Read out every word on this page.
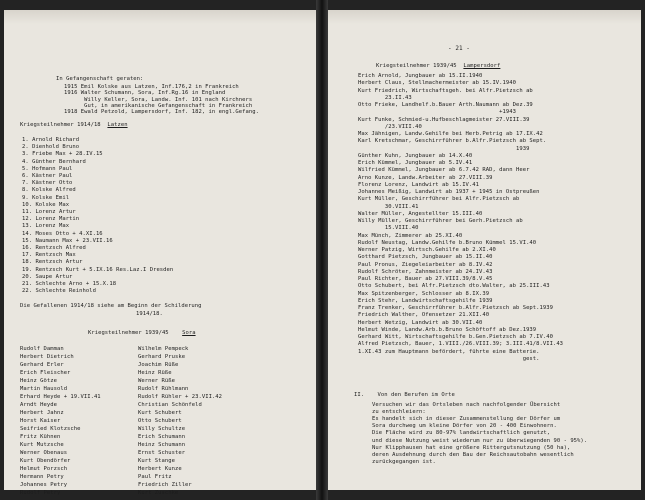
In Gefangenschaft geraten:
1915 Emil Kolske aus Latzen, Inf.176,2 in Frankreich
1916 Walter Schumann, Sora, Inf.Rg.16 in England
Willy Keller, Sora, Landw. Inf. 101 nach Kirchners
Gut, in amerikanische Gefangenschaft in Frankreich
1918 Ewald Petzold, Lampersdorf, Inf. 182, in engl.Gefang.
Kriegsteilnehmer 1914/18 Latzen
1. Arnold Richard
2. Dienhold Bruno
3. Friebe Max + 28.IV.15
4. Günther Bernhard
5. Hofmann Paul
6. Kästner Paul
7. Kästner Otto
8. Kolske Alfred
9. Kolske Emil
10. Kolske Max
11. Lorenz Artur
12. Lorenz Martin
13. Lorenz Max
14. Moses Otto + 4.XI.16
15. Naumann Max + 23.VII.16
16. Rentzsch Alfred
17. Rentzsch Max
18. Rentzsch Artur
19. Rentzsch Kurt + 5.IX.16 Res.Laz.I Dresden
20. Saupe Artur
21. Schlechte Arno + 15.X.18
22. Schlechte Reinhold
Die Gefallenen 1914/18 siehe am Beginn der Schilderung
1914/18.
Kriegsteilnehmer 1939/45 Sora
Rudolf Damman	Wilhelm Pempeck
Herbert Dietrich	Gerhard Pruske
Gerhard Erler	Joachim Rüße
Erich Fleischer	Heinz Rüße
Heinz Götze	Werner Rüße
Martin Hausold	Rudolf Rühlmann
Erhard Heyde + 19.VII.41	Rudolf Rühler + 23.VII.42
Arndt Heyde	Christian Schönfeld
Herbert Jahnz	Kurt Schubert
Horst Kaiser	Otto Schubert
Seifried Klotzsche	Willy Schultze
Fritz Kühnen	Erich Schumann
Kurt Mutzsche	Heinz Schumann
Werner Obenaus	Ernst Schuster
Kurt Obendörfer	Kurt Stange
Helmut Porzsch	Herbert Kunze
Hermann Petry	Paul Fritz
Johannes Petry	Friedrich Ziller
Rudolf Petry	Kurt Zuschke
- 21 -
Kriegsteilnehmer 1939/45 Lampersdorf
Erich Arnold, Jungbauer ab 15.II.1940
Herbert Claus, Stellmachermeister ab 15.IV.1940
Kurt Friedrich, Wirtschaftsgeh. bei Alfr.Pietzsch ab
23.II.43
Otto Frieke, Landhelf.b.Bauer Arth.Naumann ab Dez.39
+1943
Kurt Funke, Schmied-u.Hufbeschlagmeister 27.VIII.39
/23.VIII.40
Max Jähnigen, Landw.Gehilfe bei Herb.Petrig ab 17.IX.42
Karl Kretschmar, Geschirrführer b.Alfr.Pietzsch ab Sept.
1939
Günther Kuhn, Jungbauer ab 14.X.40
Erich Kümmel, Jungbauer ab 5.IV.41
Wilfried Kümmel, Jungbauer ab 6.7.42 RAD, dann Heer
Arno Kunze, Landw.Arbeiter ab 27.VIII.39
Florenz Lorenz, Landwirt ab 15.IV.41
Johannes Meißig, Landwirt ab 1937 + 1945 in Ostpreußen
Kurt Müller, Geschirrführer bei Alfr.Pietzsch ab
30.VIII.41
Walter Müller, Angestellter 15.III.40
Willy Müller, Geschirrführer bei Gerh.Pietzsch ab
15.VIII.40
Max Münch, Zimmerer ab 25.XI.40
Rudolf Neustag, Landw.Gehilfe b.Bruno Kümmel 15.VI.40
Werner Patzig, Wirtsch.Gehilfe ab 2.XI.40
Gotthard Pietzsch, Jungbauer ab 15.II.40
Paul Pronus, Ziegeleiarbeiter ab 8.IV.42
Rudolf Schröter, Zahnmeister ab 24.IV.43
Paul Richter, Bauer ab 27.VIII.39/8.V.45
Otto Schubert, bei Alfr.Pietzsch dto.Walter, ab 25.III.43
Max Spitzenberger, Schlosser ab 8.IX.39
Erich Stehr, Landwirtschaftsgehilfe 1939
Franz Trenker, Geschirrführer b.Alfr.Pietzsch ab Sept.1939
Friedrich Walther, Ofensetzer 21.XII.40
Herbert Wetzig, Landwirt ab 30.VII.40
Helmut Winde, Landw.Arb.b.Bruno Schöftoff ab Dez.1939
Gerhard Witt, Wirtschaftsgehilfe b.Gen.Pietzsch ab 7.IV.40
Alfred Pietzsch, Bauer, 1.VIII./26.VIII.39; 3.III.41/8.VII.43
1.XI.43 zum Hauptmann befördert, führte eine Batterie.
gest.
II.    Von den Berufen im Orte
Versuchen wir das Ortsleben nach nachfolgender Übersicht
zu entschleiern:
Es handelt sich in dieser Zusammenstellung der Dörfer um
Sora durchweg um kleine Dörfer von 20 - 400 Einwohnern.
Die Fläche wird zu 80-97% landwirtschaftlich genutzt,
und diese Nutzung weist wiederum nur zu überwiegenden 90 - 95%).
Nur Klipphausen hat eine größere Rittergutsnutzung (50 ha),
deren Ausdehnung durch den Bau der Reichsautobahn wesentlich
zurückgegangen ist.
